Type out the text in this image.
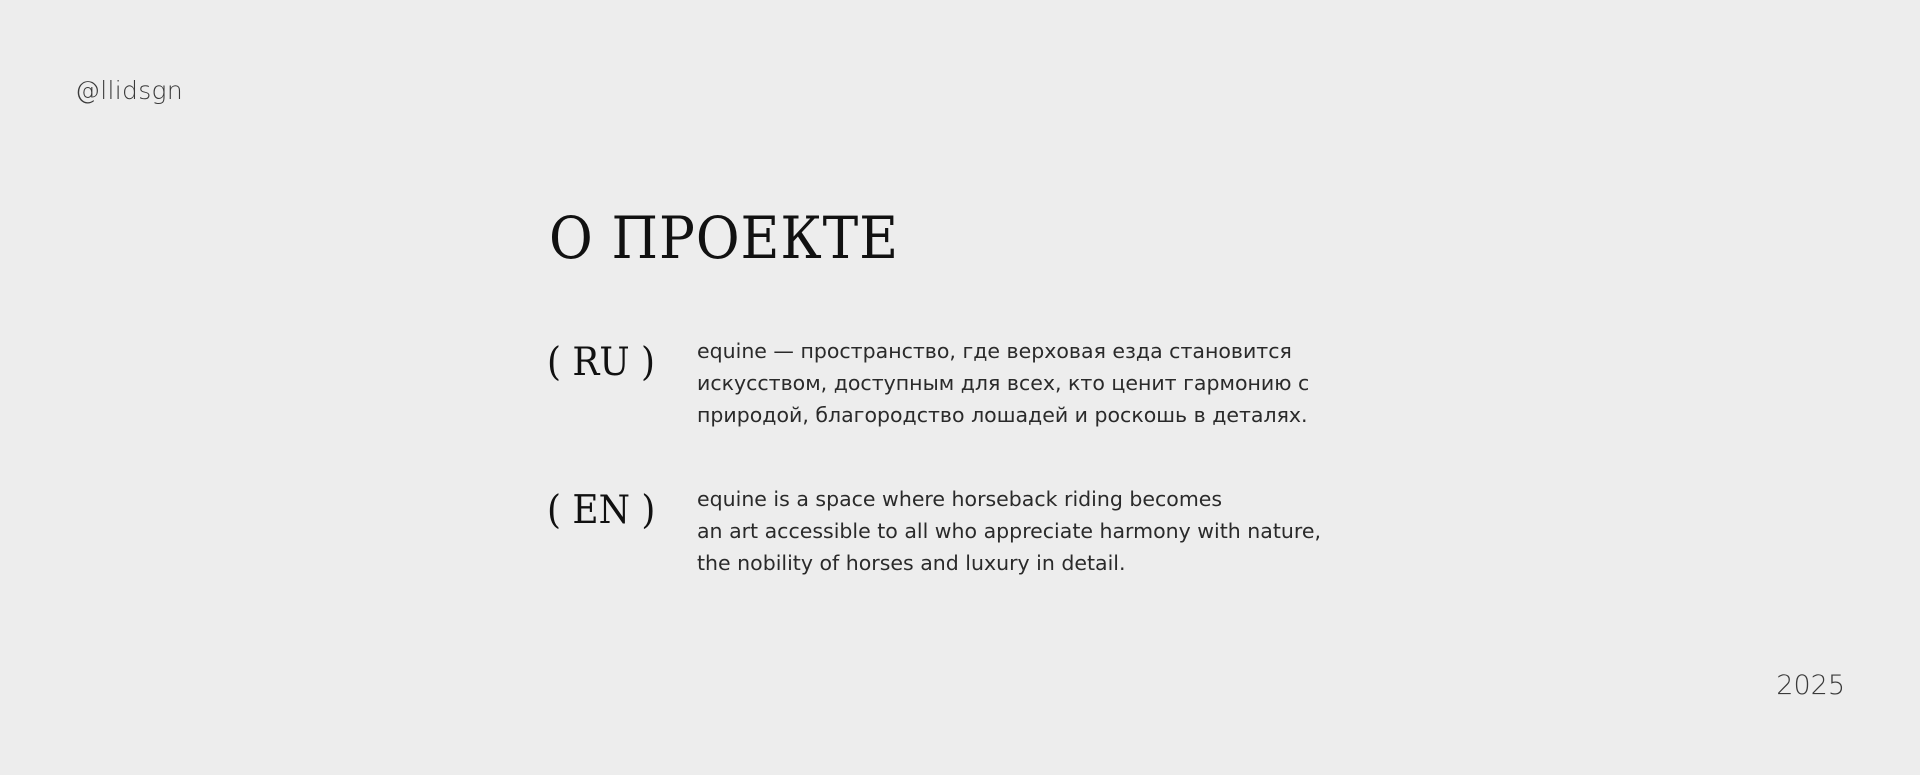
@llidsgn
О ПРОЕКТЕ
( RU ) equine — пространство, где верховая езда становится
искусством, доступным для всех, кто ценит гармонию с
природой, благородство лошадей и роскошь в деталях.
( EN ) equine is a space where horseback riding becomes
an art accessible to all who appreciate harmony with nature,
the nobility of horses and luxury in detail.
2025
